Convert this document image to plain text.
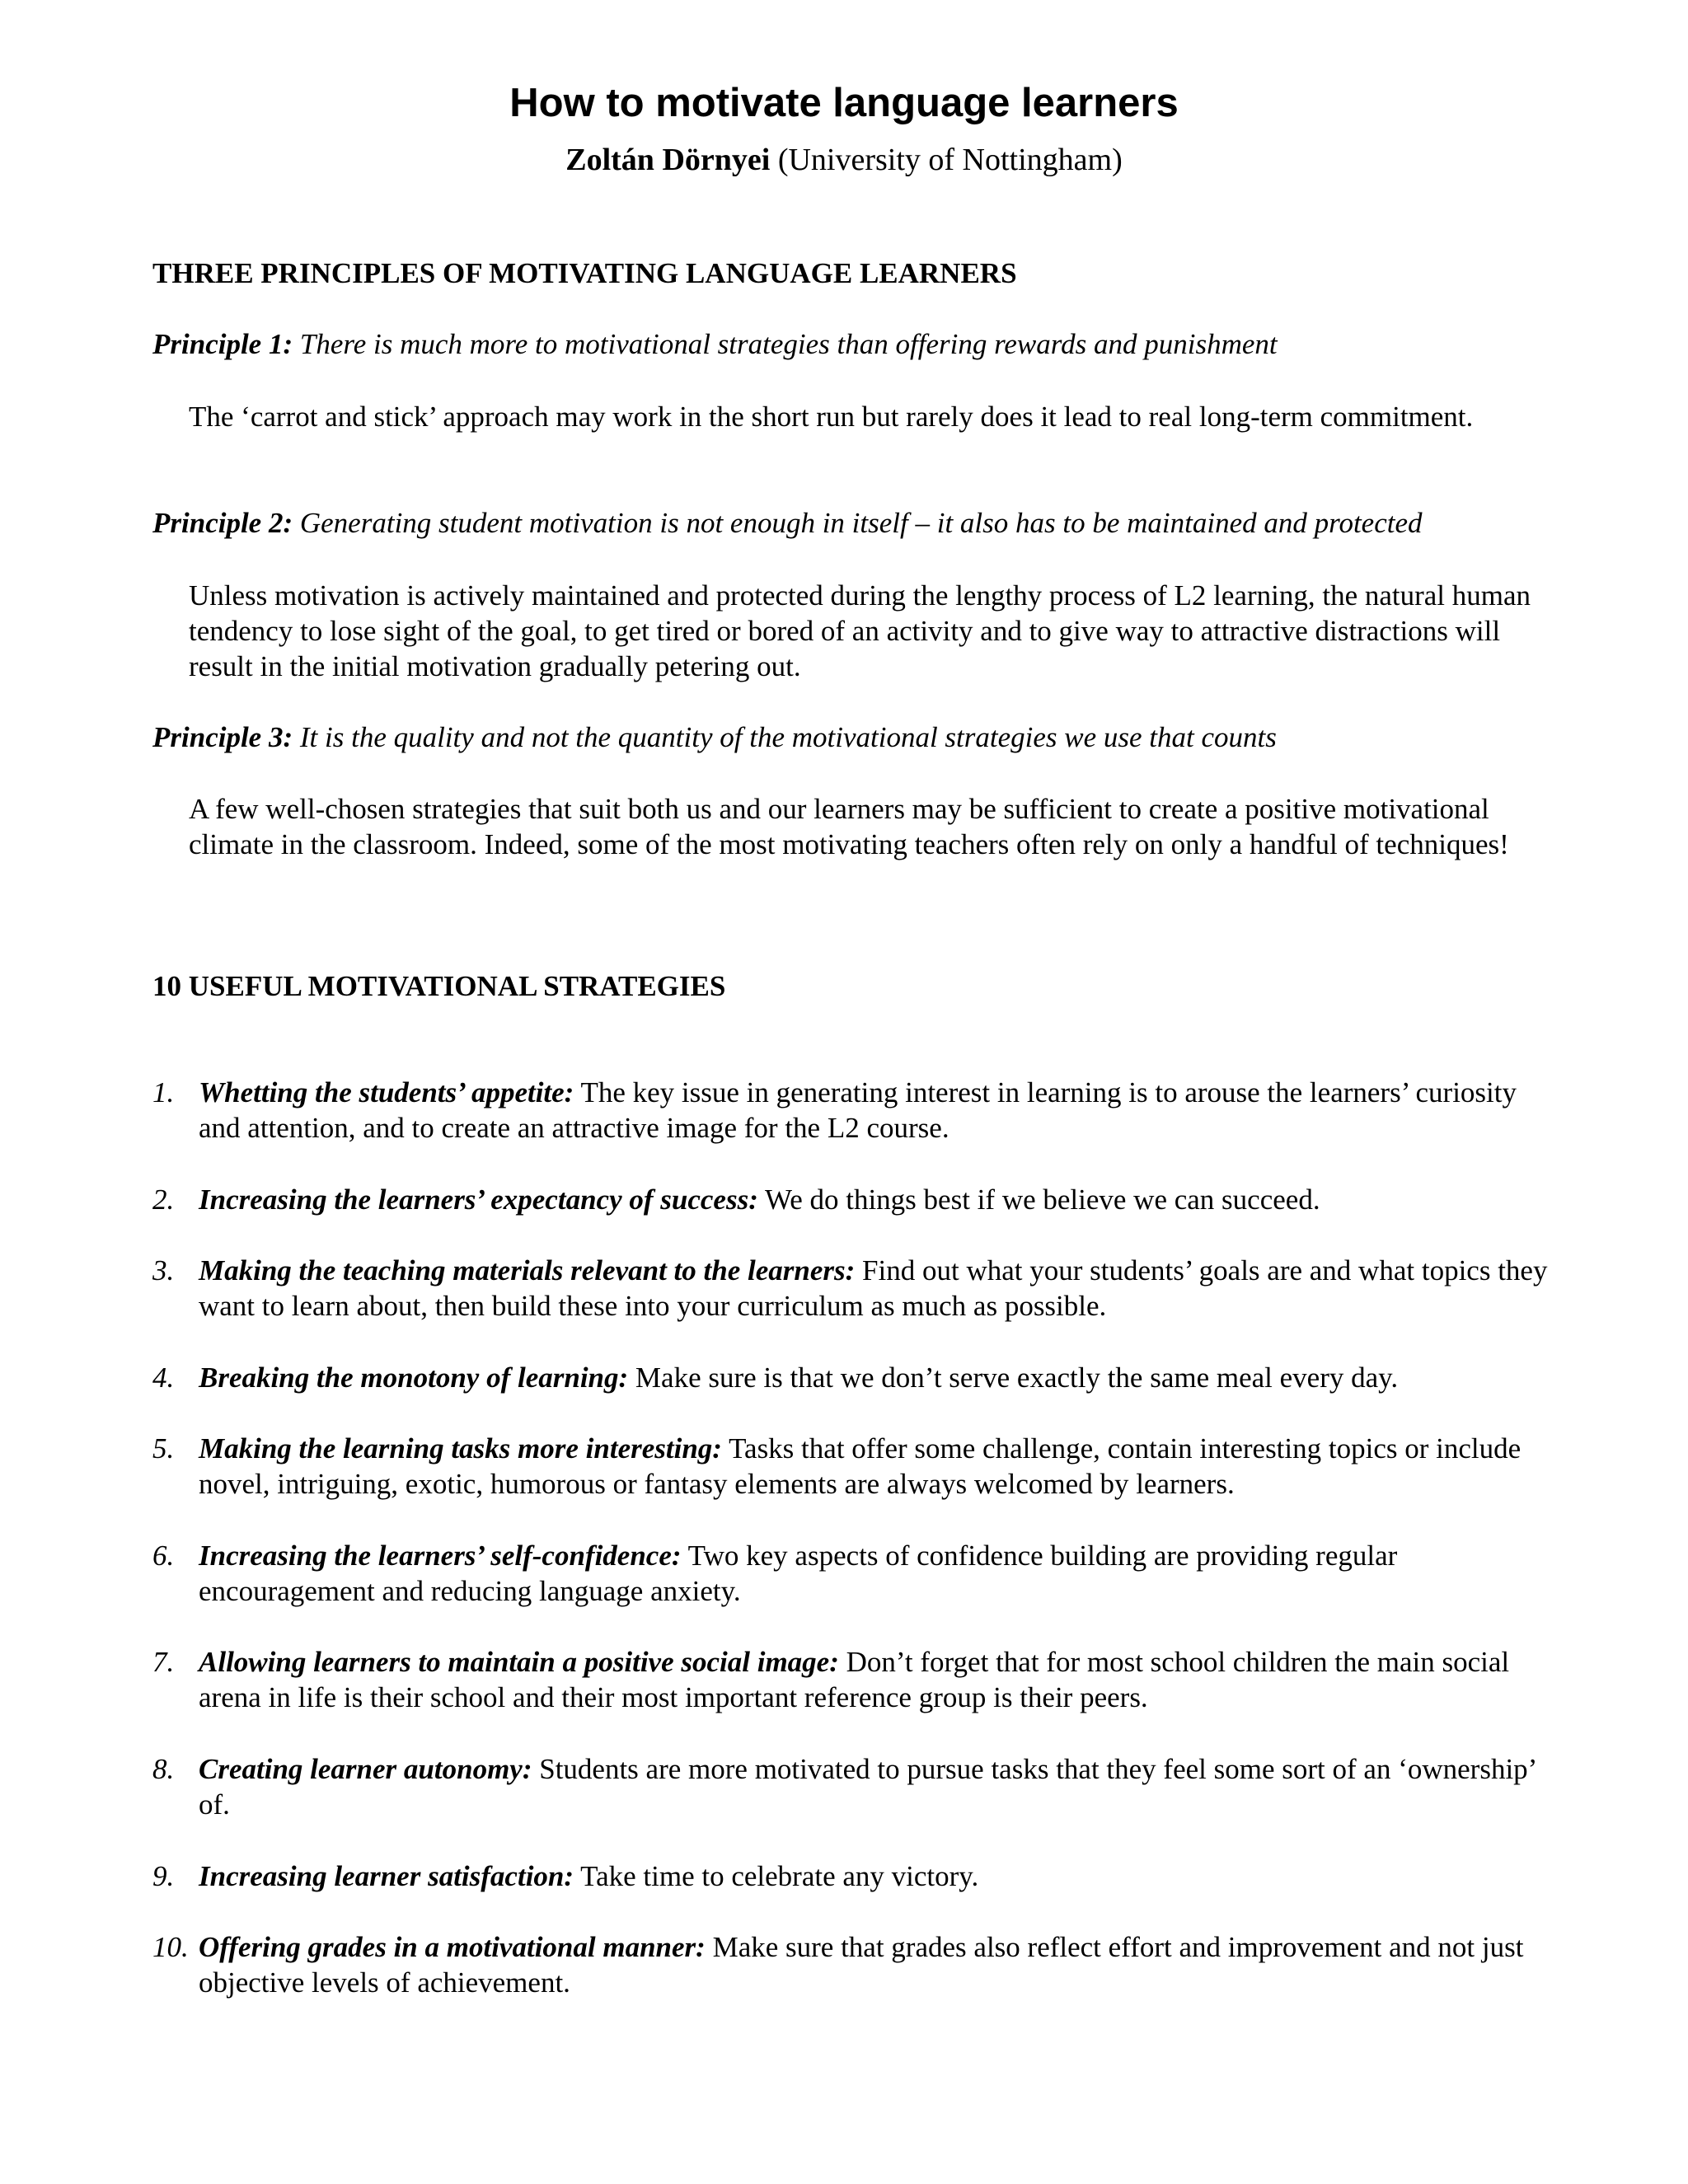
How to motivate language learners
Zoltán Dörnyei (University of Nottingham)
THREE PRINCIPLES OF MOTIVATING LANGUAGE LEARNERS
Principle 1: There is much more to motivational strategies than offering rewards and punishment
The ‘carrot and stick’ approach may work in the short run but rarely does it lead to real long-term commitment.
Principle 2: Generating student motivation is not enough in itself – it also has to be maintained and protected
Unless motivation is actively maintained and protected during the lengthy process of L2 learning, the natural human tendency to lose sight of the goal, to get tired or bored of an activity and to give way to attractive distractions will result in the initial motivation gradually petering out.
Principle 3: It is the quality and not the quantity of the motivational strategies we use that counts
A few well-chosen strategies that suit both us and our learners may be sufficient to create a positive motivational climate in the classroom. Indeed, some of the most motivating teachers often rely on only a handful of techniques!
10 USEFUL MOTIVATIONAL STRATEGIES
1. Whetting the students’ appetite: The key issue in generating interest in learning is to arouse the learners’ curiosity and attention, and to create an attractive image for the L2 course.
2. Increasing the learners’ expectancy of success: We do things best if we believe we can succeed.
3. Making the teaching materials relevant to the learners: Find out what your students’ goals are and what topics they want to learn about, then build these into your curriculum as much as possible.
4. Breaking the monotony of learning: Make sure is that we don’t serve exactly the same meal every day.
5. Making the learning tasks more interesting: Tasks that offer some challenge, contain interesting topics or include novel, intriguing, exotic, humorous or fantasy elements are always welcomed by learners.
6. Increasing the learners’ self-confidence: Two key aspects of confidence building are providing regular encouragement and reducing language anxiety.
7. Allowing learners to maintain a positive social image: Don’t forget that for most school children the main social arena in life is their school and their most important reference group is their peers.
8. Creating learner autonomy: Students are more motivated to pursue tasks that they feel some sort of an ‘ownership’ of.
9. Increasing learner satisfaction: Take time to celebrate any victory.
10. Offering grades in a motivational manner: Make sure that grades also reflect effort and improvement and not just objective levels of achievement.
